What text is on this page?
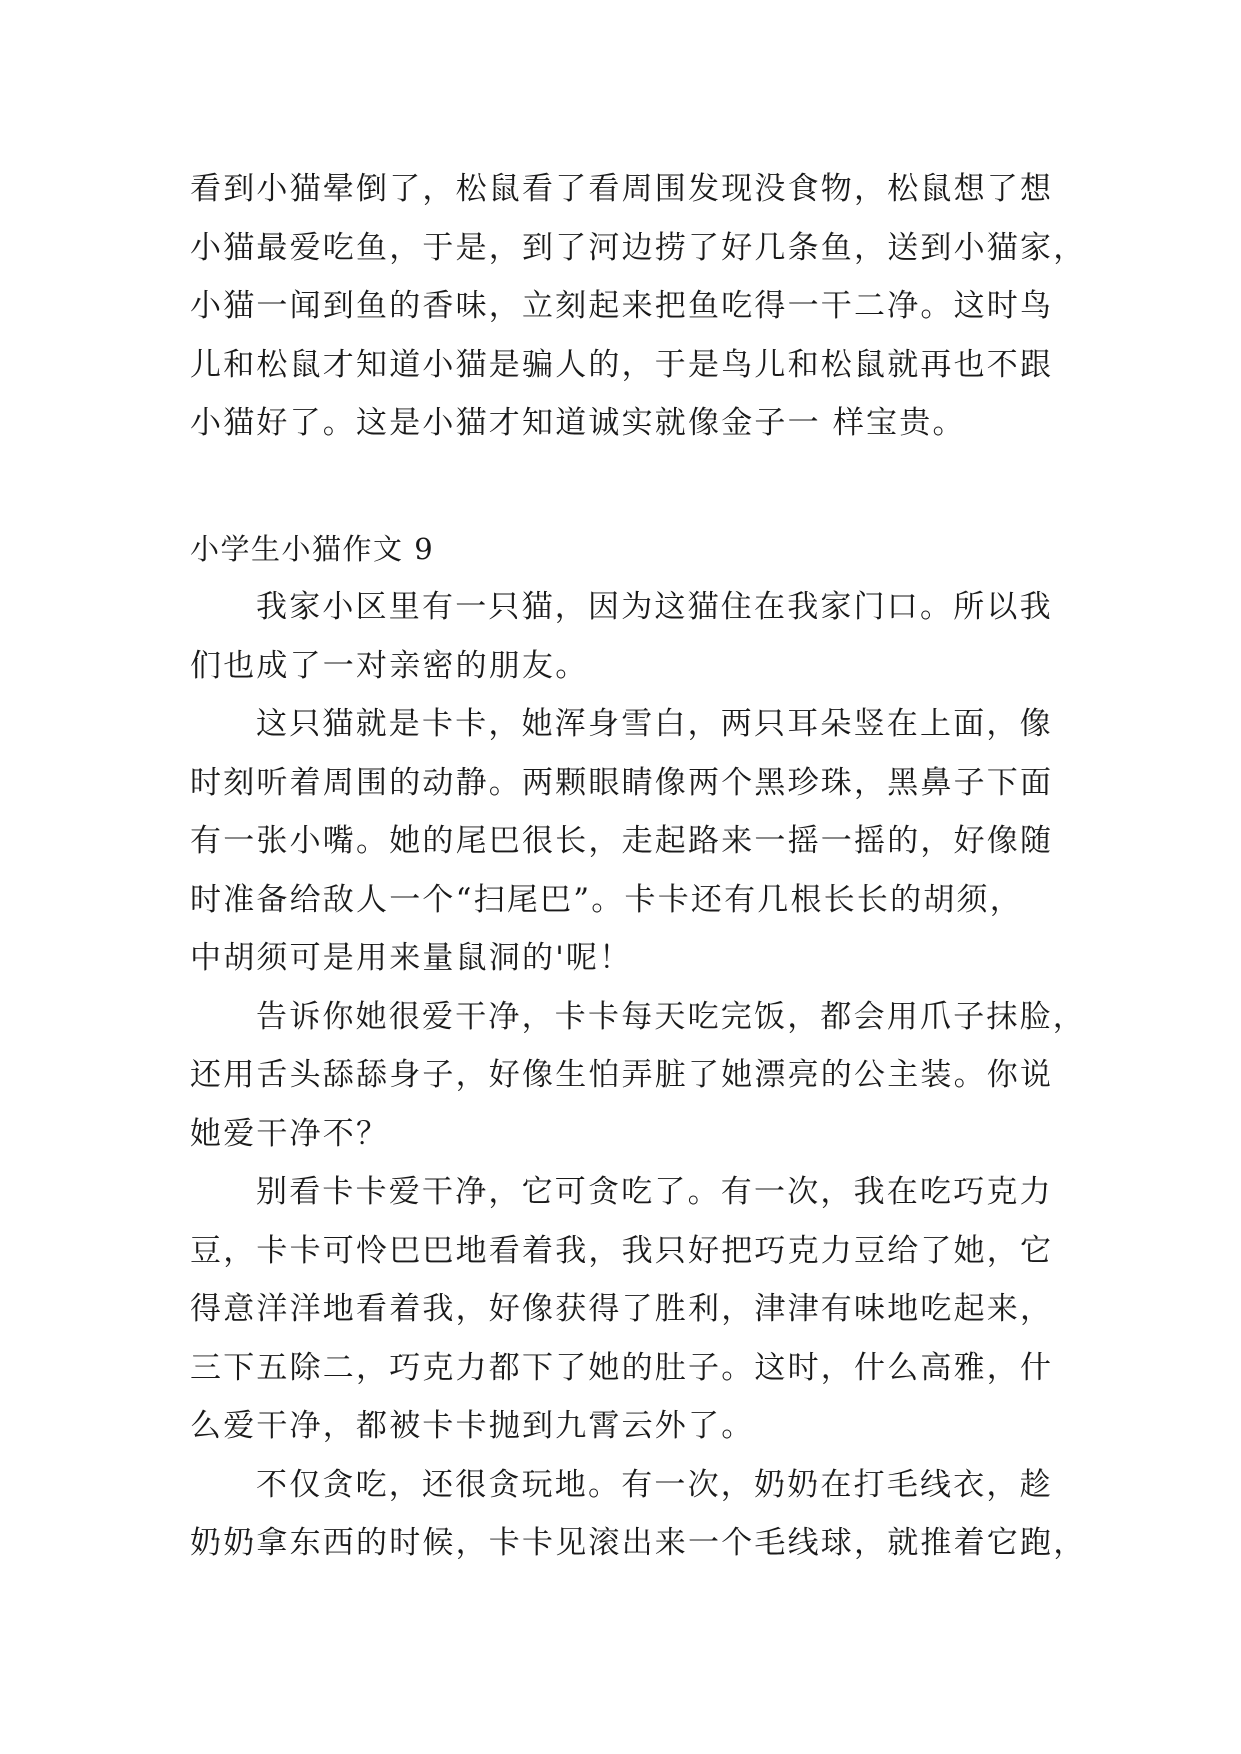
看到小猫晕倒了，松鼠看了看周围发现没食物，松鼠想了想
小猫最爱吃鱼，于是，到了河边捞了好几条鱼，送到小猫家，
小猫一闻到鱼的香味，立刻起来把鱼吃得一干二净。这时鸟
儿和松鼠才知道小猫是骗人的，于是鸟儿和松鼠就再也不跟
小猫好了。这是小猫才知道诚实就像金子一 样宝贵。
小学生小猫作文 9
我家小区里有一只猫，因为这猫住在我家门口。所以我
们也成了一对亲密的朋友。
这只猫就是卡卡，她浑身雪白，两只耳朵竖在上面，像
时刻听着周围的动静。两颗眼睛像两个黑珍珠，黑鼻子下面
有一张小嘴。她的尾巴很长，走起路来一摇一摇的，好像随
时准备给敌人一个“扫尾巴”。卡卡还有几根长长的胡须，
中胡须可是用来量鼠洞的'呢！
告诉你她很爱干净，卡卡每天吃完饭，都会用爪子抹脸，
还用舌头舔舔身子，好像生怕弄脏了她漂亮的公主装。你说
她爱干净不？
别看卡卡爱干净，它可贪吃了。有一次，我在吃巧克力
豆，卡卡可怜巴巴地看着我，我只好把巧克力豆给了她，它
得意洋洋地看着我，好像获得了胜利，津津有味地吃起来，
三下五除二，巧克力都下了她的肚子。这时，什么高雅，什
么爱干净，都被卡卡抛到九霄云外了。
不仅贪吃，还很贪玩地。有一次，奶奶在打毛线衣，趁
奶奶拿东西的时候，卡卡见滚出来一个毛线球，就推着它跑，
